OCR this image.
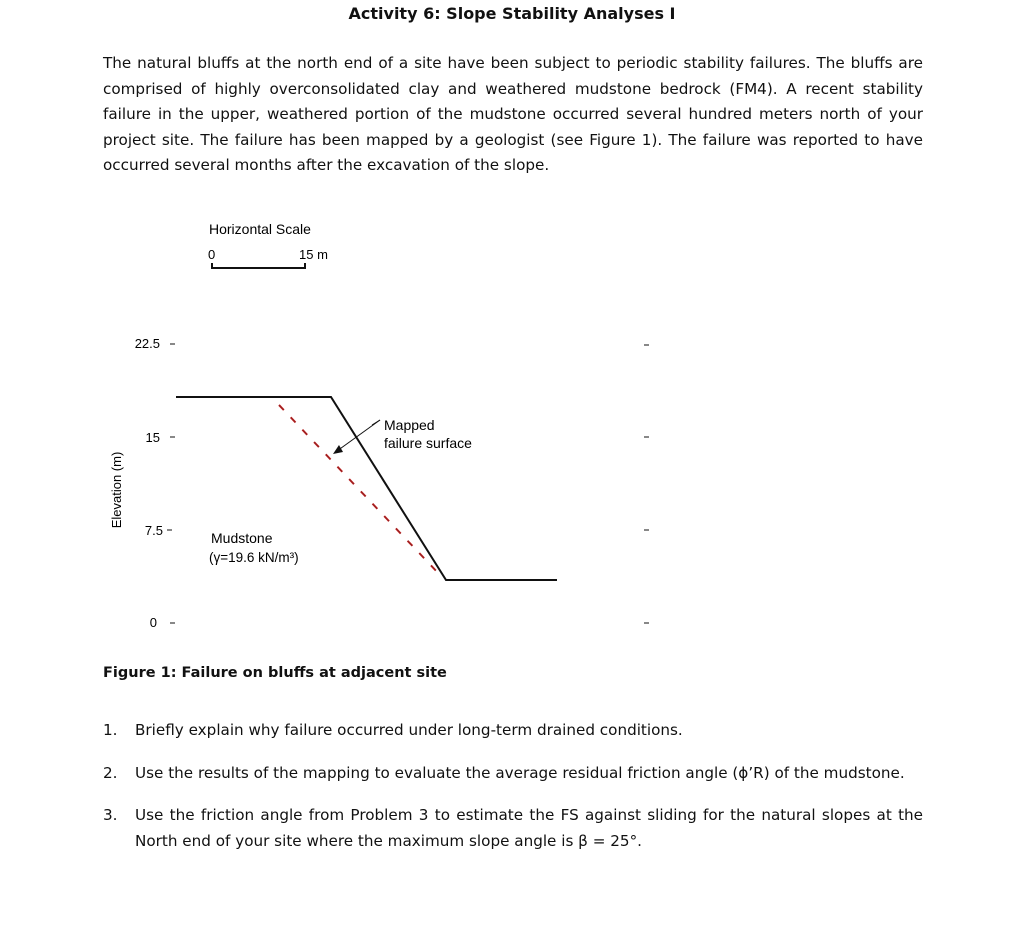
Activity 6: Slope Stability Analyses I

The natural bluffs at the north end of a site have been subject to periodic stability failures. The bluffs are comprised of highly overconsolidated clay and weathered mudstone bedrock (FM4). A recent stability failure in the upper, weathered portion of the mudstone occurred several hundred meters north of your project site. The failure has been mapped by a geologist (see Figure 1). The failure was reported to have occurred several months after the excavation of the slope.

Horizontal Scale
0	15 m
Elevation (m)
22.5
15
7.5
0
Mapped
failure surface
Mudstone
(γ=19.6 kN/m³)

Figure 1: Failure on bluffs at adjacent site

1.	Briefly explain why failure occurred under long-term drained conditions.
2.	Use the results of the mapping to evaluate the average residual friction angle (ϕ’R) of the mudstone.
3.	Use the friction angle from Problem 3 to estimate the FS against sliding for the natural slopes at the North end of your site where the maximum slope angle is β = 25°.
